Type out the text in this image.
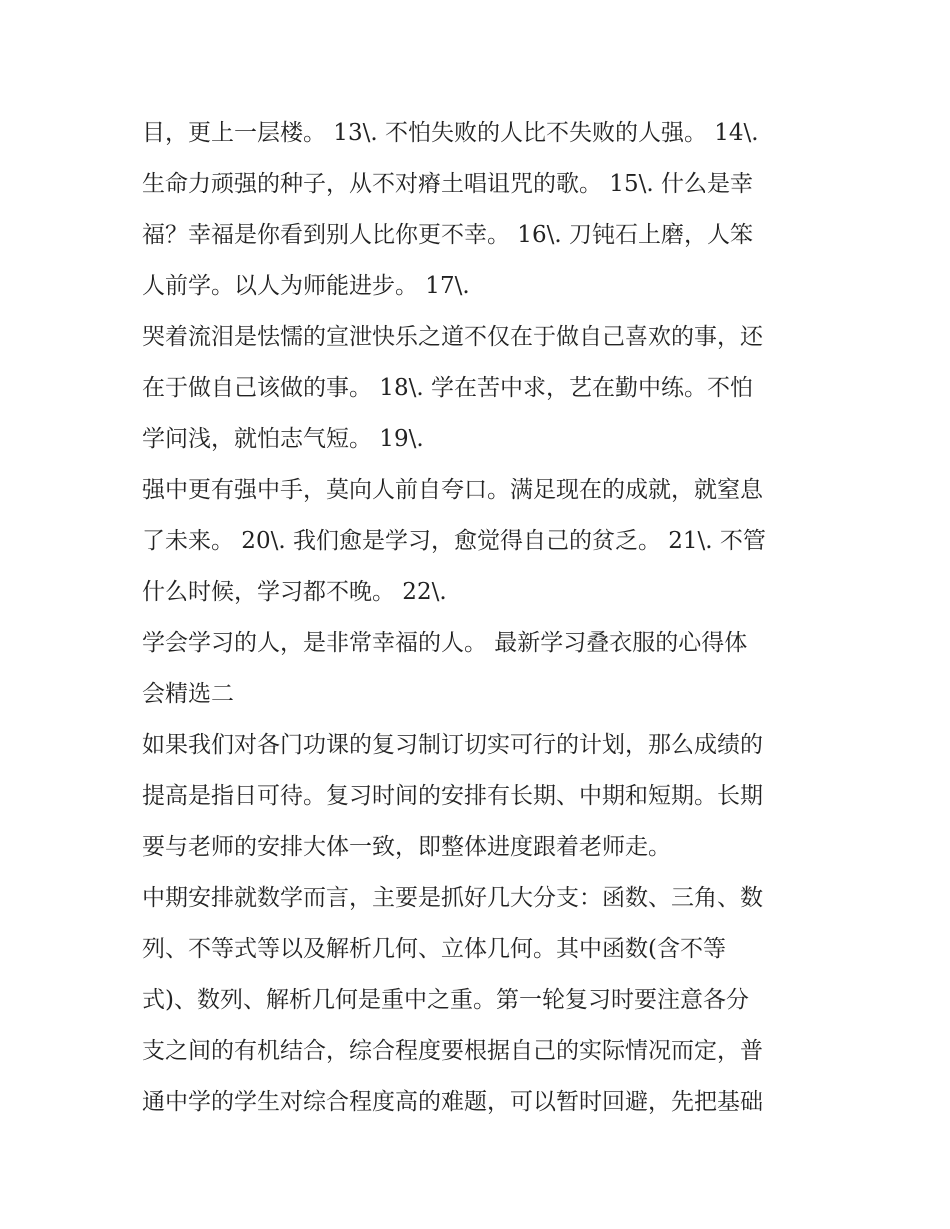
目，更上一层楼。 13\. 不怕失败的人比不失败的人强。 14\.
生命力顽强的种子，从不对瘠土唱诅咒的歌。 15\. 什么是幸
福？幸福是你看到别人比你更不幸。 16\. 刀钝石上磨，人笨
人前学。以人为师能进步。 17\.
哭着流泪是怯懦的宣泄快乐之道不仅在于做自己喜欢的事，还
在于做自己该做的事。 18\. 学在苦中求，艺在勤中练。不怕
学问浅，就怕志气短。 19\.
强中更有强中手，莫向人前自夸口。满足现在的成就，就窒息
了未来。 20\. 我们愈是学习，愈觉得自己的贫乏。 21\. 不管
什么时候，学习都不晚。 22\.
学会学习的人，是非常幸福的人。 最新学习叠衣服的心得体
会精选二
如果我们对各门功课的复习制订切实可行的计划，那么成绩的
提高是指日可待。复习时间的安排有长期、中期和短期。长期
要与老师的安排大体一致，即整体进度跟着老师走。
中期安排就数学而言，主要是抓好几大分支：函数、三角、数
列、不等式等以及解析几何、立体几何。其中函数(含不等
式)、数列、解析几何是重中之重。第一轮复习时要注意各分
支之间的有机结合，综合程度要根据自己的实际情况而定，普
通中学的学生对综合程度高的难题，可以暂时回避，先把基础
